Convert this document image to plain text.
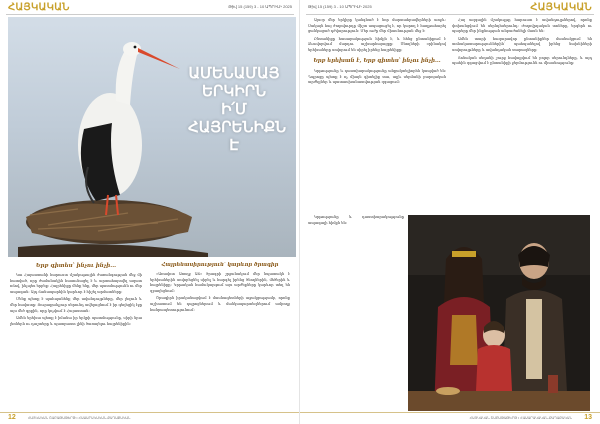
ՀԱՅԿԱԿԱՆ	Թիվ 15 (159) 3 - 10 ԱՊՐԻԼԻ 2025
ԱՄԵՆԱՄԱՅ
ԵՐԿԻՐՆ
Ի՛Մ
ՀԱՅՐԵՆԻՔՆ Է
Երբ գիտես՝ ինչու ինչի...

Կա Հայաստանի հարուստ մշակութային ժառանգության մեջ մի հատված, որը ժամանակին հասունացել է և արտահայտվել ազատ ոճով, ինչպես երբեք։ Հայրենիքը մենք ենք, մեր պատմությունն ու մեր ապագան։ Այդ ճանապարհին կարևոր է հիշել արմատները։

Մենք պետք է պահպանենք մեր ավանդույթները, մեր լեզուն և մեր հավատը։ Յուրաքանչյուր սերունդ ավելացնում է իր գեղեցիկ էջը այս մեծ գրքին, որը կոչվում է Հայաստան։

Ամեն երեխա պետք է իմանա իր երկրի պատմությունը, սիրի նրա լեռներն ու դաշտերը և պատրաստ լինի ծառայելու հայրենիքին։

Հայրենասիրություն՝ կարևոր ծրագիր

«Առավոտ Առողջ Աճ» ծրագրի շրջանակում մեր նպատակն է երեխաներին սովորեցնել սիրել և հարգել իրենց ծնողներին, մեծերին և հայրենիքը։ Կրթական համակարգում այս արժեքները կարևոր տեղ են զբաղեցնում։

Ծրագիրն իրականացվում է մասնագետների աջակցությամբ, որոնք աշխատում են դպրոցներում և մանկապարտեզներում ամբողջ հանրապետությունում։

12	ՀԱՅԿԱԿԱՆ ՇԱԲԱԹԱԹԵՐԹ • ՀԱՍԱՐԱԿԱԿԱՆ-ՔԱՂԱՔԱԿԱՆ
Թիվ 15 (159) 3 - 10 ԱՊՐԻԼԻ 2025	ՀԱՅԿԱԿԱՆ

Այսօր մեր երկիրը կանգնած է նոր մարտահրավերների առջև։ Սակայն հայ ժողովուրդը միշտ ապացուցել է, որ կարող է հաղթահարել ցանկացած դժվարություն։ Մեր ուժը մեր միասնության մեջ է։

Ընտանիքը հասարակության հիմքն է, և հենց ընտանիքում է ձևավորվում մարդու աշխարհայացքը։ Ծնողների օրինակով երեխաները սովորում են սիրել իրենց հայրենիքը։

Երբ երեխան է, Երբ գիտես՝ ինչու ինչի...

Կրթությունը և դաստիարակությունը անքակտելիորեն կապված են։ Դպրոցը պետք է ոչ միայն գիտելիք տա, այլև սերմանի բարոյական արժեքներ և պատասխանատվության զգացում։

Հայ ազգային մշակույթը հարուստ է ավանդույթներով, որոնք փոխանցվում են սերնդեսերունդ։ Ժողովրդական տոները, երգերն ու պարերը մեր ինքնության անբաժանելի մասն են։

Ամեն տարի հազարավոր ընտանիքներ մասնակցում են տոնակատարություններին՝ պահպանելով իրենց նախնիների սովորույթները և ավանդական տարազները։

Տոնական սեղանի շուրջ հավաքվում են բոլոր սերունդները, և այդ պահին զգացվում է ընտանիքի ջերմությունն ու միասնությունը։

Կրթությունը և դաստիարակությունը ապագայի հիմքն են։

ՀԱՅԿԱԿԱՆ ՇԱԲԱԹԱԹԵՐԹ • ՀԱՍԱՐԱԿԱԿԱՆ-ՔԱՂԱՔԱԿԱՆ 13
